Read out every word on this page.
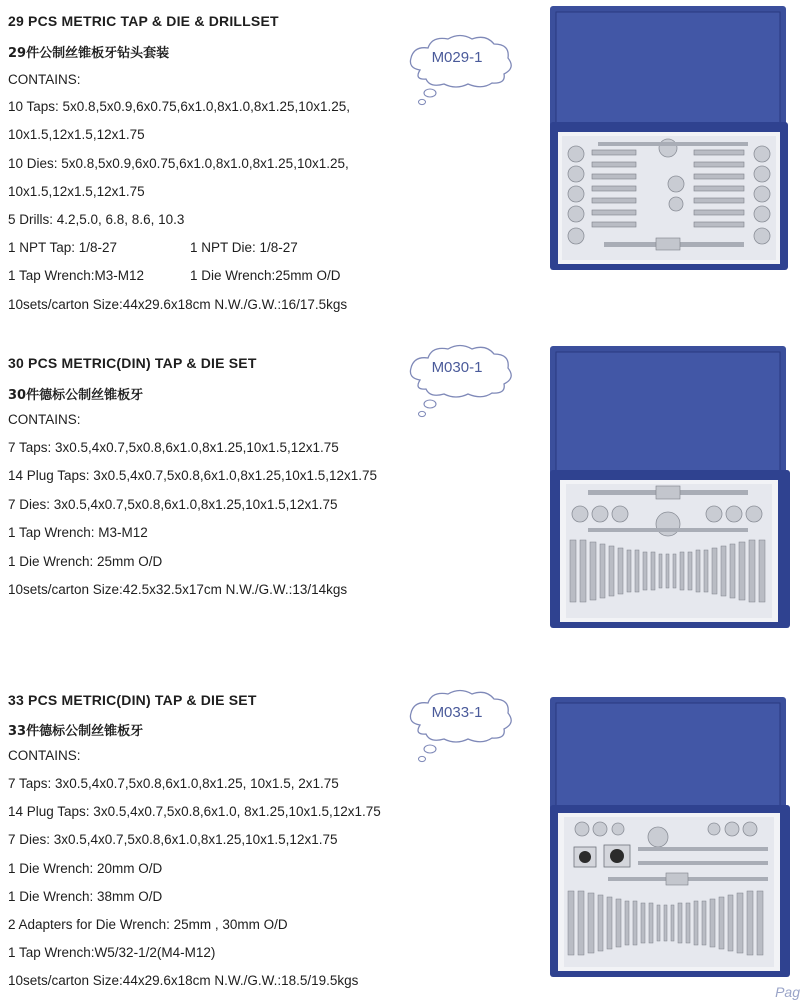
29 PCS METRIC TAP & DIE & DRILLSET
29件公制丝锥板牙钻头套装
CONTAINS:
10 Taps: 5x0.8,5x0.9,6x0.75,6x1.0,8x1.0,8x1.25,10x1.25,
10x1.5,12x1.5,12x1.75
10 Dies: 5x0.8,5x0.9,6x0.75,6x1.0,8x1.0,8x1.25,10x1.25,
10x1.5,12x1.5,12x1.75
5 Drills: 4.2,5.0, 6.8, 8.6, 10.3
1 NPT Tap: 1/8-27	1 NPT Die: 1/8-27
1 Tap Wrench:M3-M12	1 Die Wrench:25mm O/D
10sets/carton Size:44x29.6x18cm N.W./G.W.:16/17.5kgs
M029-1
30 PCS METRIC(DIN) TAP & DIE SET
30件德标公制丝锥板牙
CONTAINS:
7 Taps: 3x0.5,4x0.7,5x0.8,6x1.0,8x1.25,10x1.5,12x1.75
14 Plug Taps: 3x0.5,4x0.7,5x0.8,6x1.0,8x1.25,10x1.5,12x1.75
7 Dies: 3x0.5,4x0.7,5x0.8,6x1.0,8x1.25,10x1.5,12x1.75
1 Tap Wrench: M3-M12
1 Die Wrench: 25mm O/D
10sets/carton Size:42.5x32.5x17cm N.W./G.W.:13/14kgs
M030-1
33 PCS METRIC(DIN) TAP & DIE SET
33件德标公制丝锥板牙
CONTAINS:
7 Taps: 3x0.5,4x0.7,5x0.8,6x1.0,8x1.25, 10x1.5, 2x1.75
14 Plug Taps: 3x0.5,4x0.7,5x0.8,6x1.0, 8x1.25,10x1.5,12x1.75
7 Dies: 3x0.5,4x0.7,5x0.8,6x1.0,8x1.25,10x1.5,12x1.75
1 Die Wrench: 20mm O/D
1 Die Wrench: 38mm O/D
2 Adapters for Die Wrench: 25mm , 30mm O/D
1 Tap Wrench:W5/32-1/2(M4-M12)
10sets/carton Size:44x29.6x18cm N.W./G.W.:18.5/19.5kgs
M033-1
Pag
